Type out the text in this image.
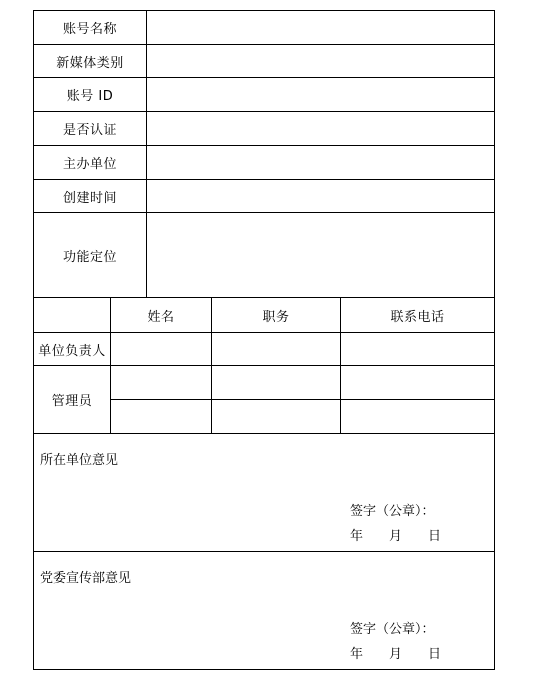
账号名称
新媒体类别
账号 ID
是否认证
主办单位
创建时间
功能定位
姓名	职务	联系电话
单位负责人
管理员
所在单位意见
签字（公章）：
年 月 日
党委宣传部意见
签字（公章）：
年 月 日
